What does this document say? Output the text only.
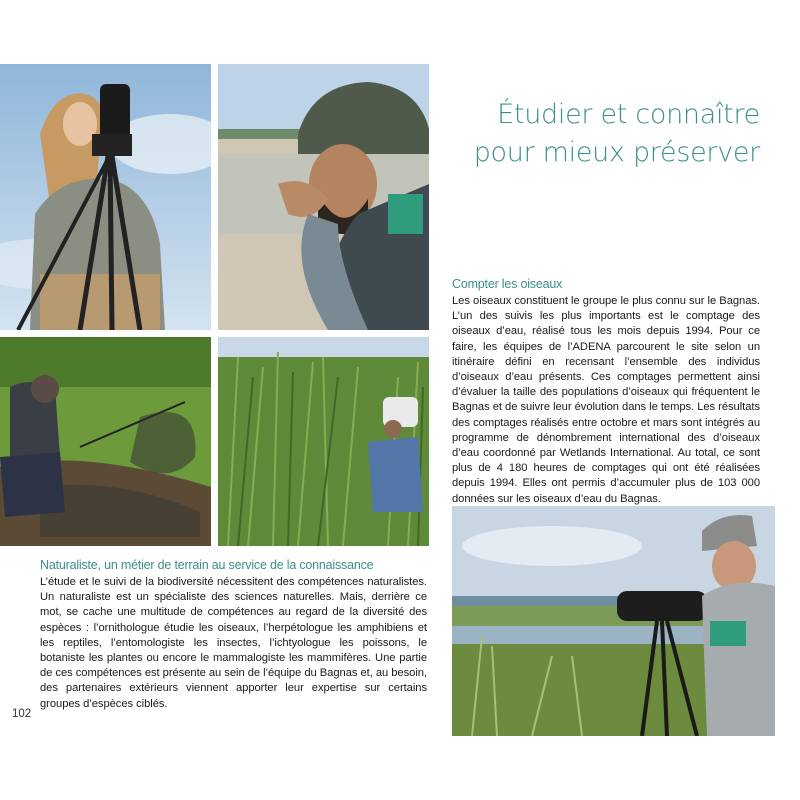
Étudier et connaître
pour mieux préserver
Compter les oiseaux
Les oiseaux constituent le groupe le plus connu sur le Bagnas. L’un des suivis les plus importants est le comptage des oiseaux d’eau, réalisé tous les mois depuis 1994. Pour ce faire, les équipes de l’ADENA parcourent le site selon un itinéraire défini en recensant l’ensemble des individus d’oiseaux d’eau présents. Ces comptages permettent ainsi d’évaluer la taille des populations d’oiseaux qui fréquentent le Bagnas et de suivre leur évolution dans le temps. Les résultats des comptages réalisés entre octobre et mars sont intégrés au programme de dénombrement international des d’oiseaux d’eau coordonné par Wetlands International. Au total, ce sont plus de 4 180 heures de comptages qui ont été réalisées depuis 1994. Elles ont permis d’accumuler plus de 103 000 données sur les oiseaux d’eau du Bagnas.
Naturaliste, un métier de terrain au service de la connaissance
L’étude et le suivi de la biodiversité nécessitent des compétences naturalistes. Un naturaliste est un spécialiste des sciences naturelles. Mais, derrière ce mot, se cache une multitude de compétences au regard de la diversité des espèces : l’ornithologue étudie les oiseaux, l’herpétologue les amphibiens et les reptiles, l’entomologiste les insectes, l’ichtyologue les poissons, le botaniste les plantes ou encore le mammalogiste les mammifères. Une partie de ces compétences est présente au sein de l’équipe du Bagnas et, au besoin, des partenaires extérieurs viennent apporter leur expertise sur certains groupes d’espèces ciblés.
102
